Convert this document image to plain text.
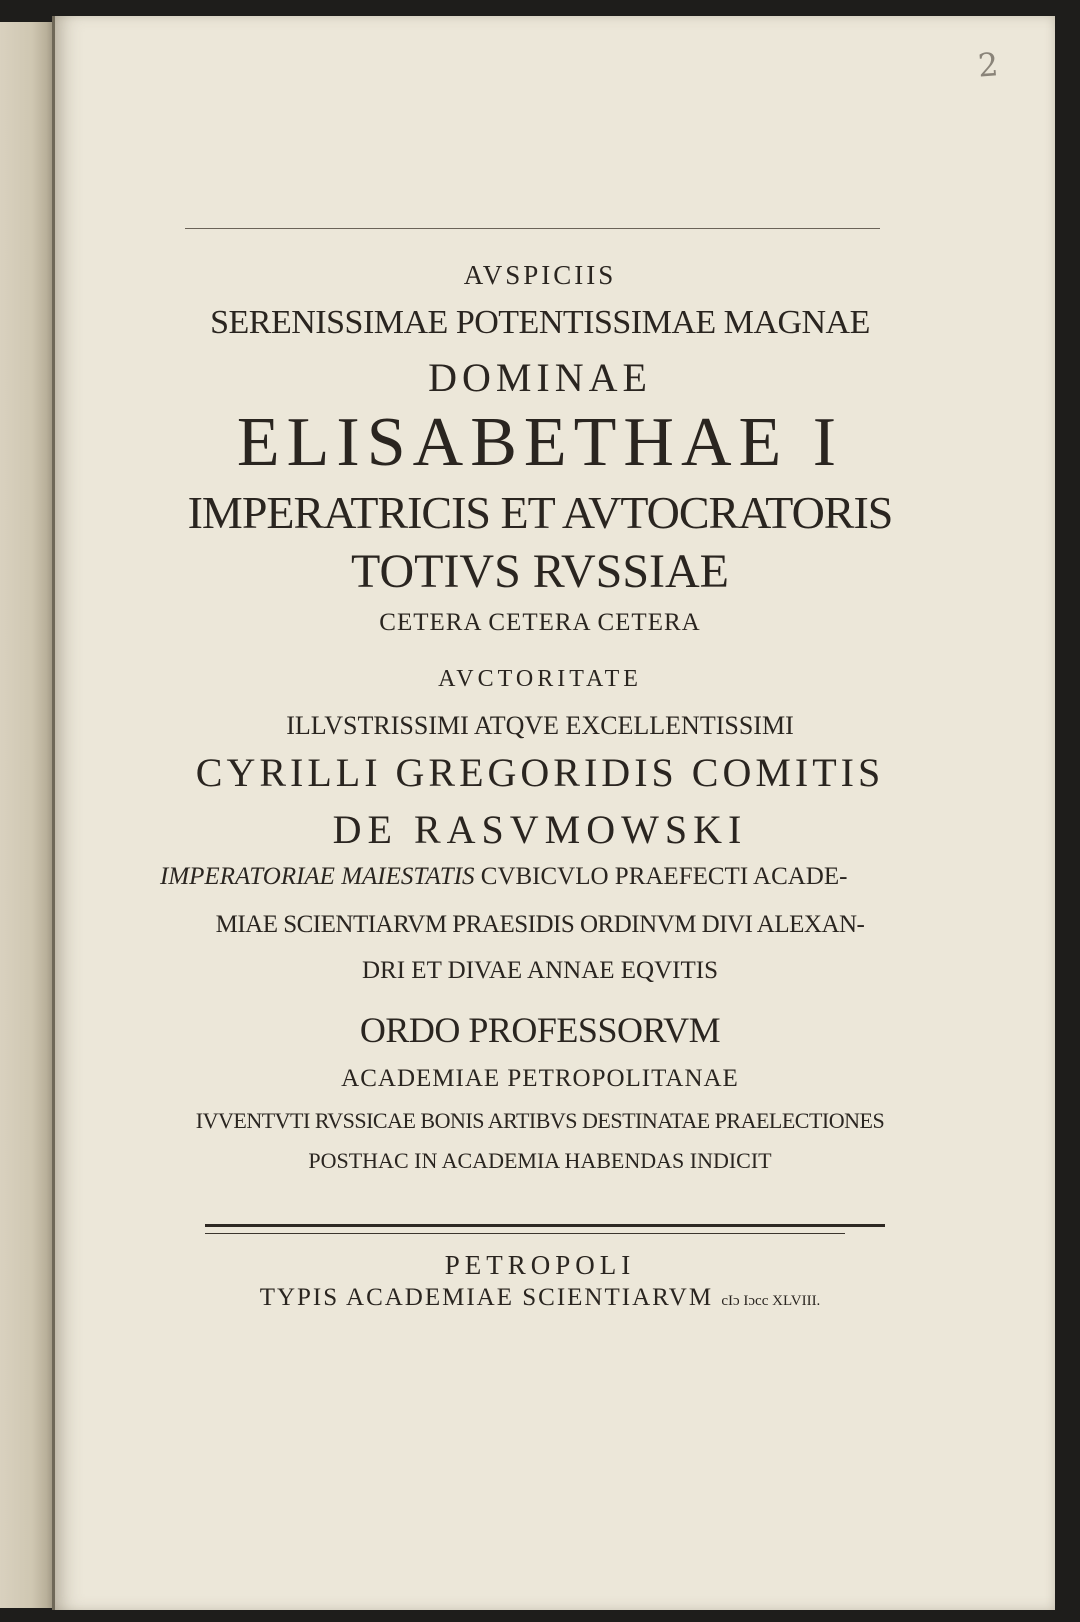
2
AVSPICIIS
SERENISSIMAE POTENTISSIMAE MAGNAE
DOMINAE
ELISABETHAE I
IMPERATRICIS ET AVTOCRATORIS
TOTIVS RVSSIAE
CETERA CETERA CETERA
AVCTORITATE
ILLVSTRISSIMI ATQVE EXCELLENTISSIMI
CYRILLI GREGORIDIS COMITIS
DE RASVMOWSKI
IMPERATORIAE MAIESTATIS CVBICVLO PRAEFECTI ACADE-
MIAE SCIENTIARVM PRAESIDIS ORDINVM DIVI ALEXAN-
DRI ET DIVAE ANNAE EQVITIS
ORDO PROFESSORVM
ACADEMIAE PETROPOLITANAE
IVVENTVTI RVSSICAE BONIS ARTIBVS DESTINATAE PRAELECTIONES
POSTHAC IN ACADEMIA HABENDAS INDICIT
PETROPOLI
TYPIS ACADEMIAE SCIENTIARVM cIɔ Iɔcc XLVIII.
